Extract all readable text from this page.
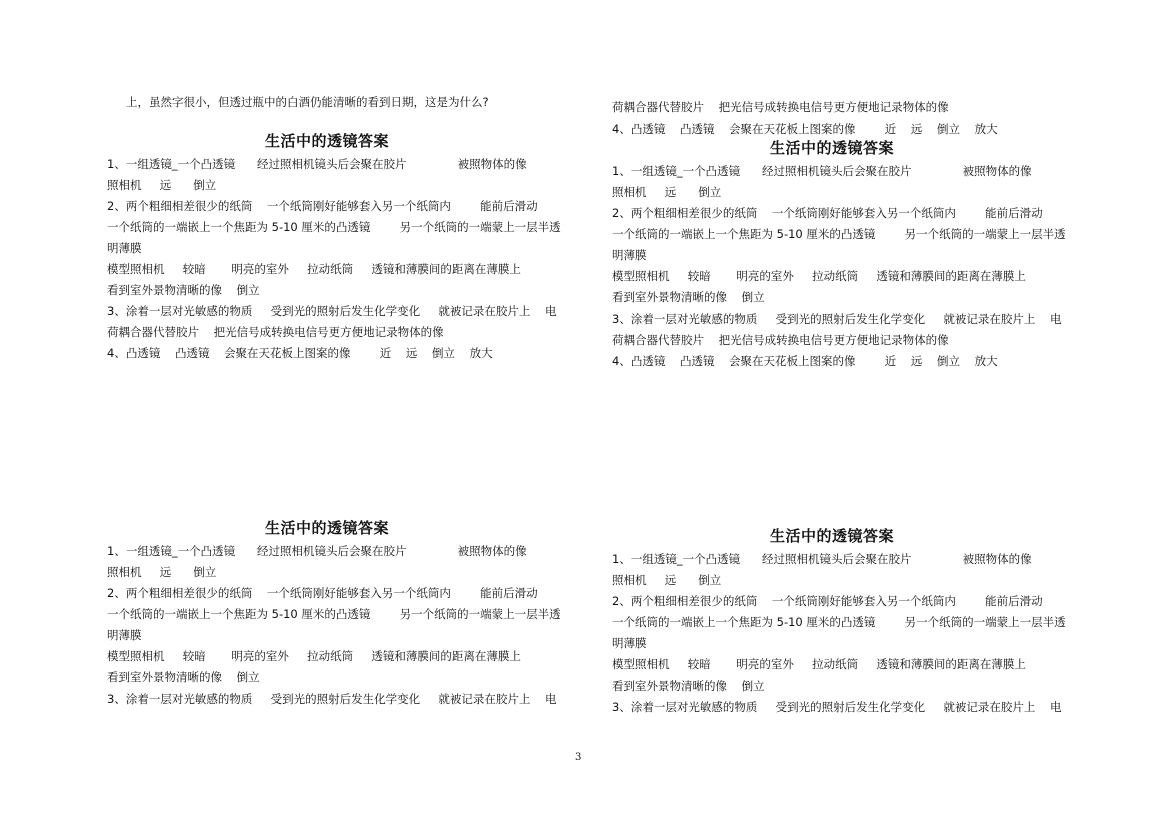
上，虽然字很小，但透过瓶中的白酒仍能清晰的看到日期，这是为什么?
生活中的透镜答案
1、一组透镜_一个凸透镜      经过照相机镜头后会聚在胶片              被照物体的像
照相机     远      倒立
2、两个粗细相差很少的纸筒    一个纸筒刚好能够套入另一个纸筒内        能前后滑动
一个纸筒的一端嵌上一个焦距为 5-10 厘米的凸透镜        另一个纸筒的一端蒙上一层半透
明薄膜
模型照相机     较暗       明亮的室外     拉动纸筒     透镜和薄膜间的距离在薄膜上
看到室外景物清晰的像    倒立
3、涂着一层对光敏感的物质     受到光的照射后发生化学变化     就被记录在胶片上    电
荷耦合器代替胶片    把光信号成转换电信号更方便地记录物体的像
4、凸透镜    凸透镜    会聚在天花板上图案的像        近    远    倒立    放大
荷耦合器代替胶片    把光信号成转换电信号更方便地记录物体的像
4、凸透镜    凸透镜    会聚在天花板上图案的像        近    远    倒立    放大
生活中的透镜答案
1、一组透镜_一个凸透镜      经过照相机镜头后会聚在胶片              被照物体的像
照相机     远      倒立
2、两个粗细相差很少的纸筒    一个纸筒刚好能够套入另一个纸筒内        能前后滑动
一个纸筒的一端嵌上一个焦距为 5-10 厘米的凸透镜        另一个纸筒的一端蒙上一层半透
明薄膜
模型照相机     较暗       明亮的室外     拉动纸筒     透镜和薄膜间的距离在薄膜上
看到室外景物清晰的像    倒立
3、涂着一层对光敏感的物质     受到光的照射后发生化学变化     就被记录在胶片上    电
荷耦合器代替胶片    把光信号成转换电信号更方便地记录物体的像
4、凸透镜    凸透镜    会聚在天花板上图案的像        近    远    倒立    放大
生活中的透镜答案
1、一组透镜_一个凸透镜      经过照相机镜头后会聚在胶片              被照物体的像
照相机     远      倒立
2、两个粗细相差很少的纸筒    一个纸筒刚好能够套入另一个纸筒内        能前后滑动
一个纸筒的一端嵌上一个焦距为 5-10 厘米的凸透镜        另一个纸筒的一端蒙上一层半透
明薄膜
模型照相机     较暗       明亮的室外     拉动纸筒     透镜和薄膜间的距离在薄膜上
看到室外景物清晰的像    倒立
3、涂着一层对光敏感的物质     受到光的照射后发生化学变化     就被记录在胶片上    电
生活中的透镜答案
1、一组透镜_一个凸透镜      经过照相机镜头后会聚在胶片              被照物体的像
照相机     远      倒立
2、两个粗细相差很少的纸筒    一个纸筒刚好能够套入另一个纸筒内        能前后滑动
一个纸筒的一端嵌上一个焦距为 5-10 厘米的凸透镜        另一个纸筒的一端蒙上一层半透
明薄膜
模型照相机     较暗       明亮的室外     拉动纸筒     透镜和薄膜间的距离在薄膜上
看到室外景物清晰的像    倒立
3、涂着一层对光敏感的物质     受到光的照射后发生化学变化     就被记录在胶片上    电
3
